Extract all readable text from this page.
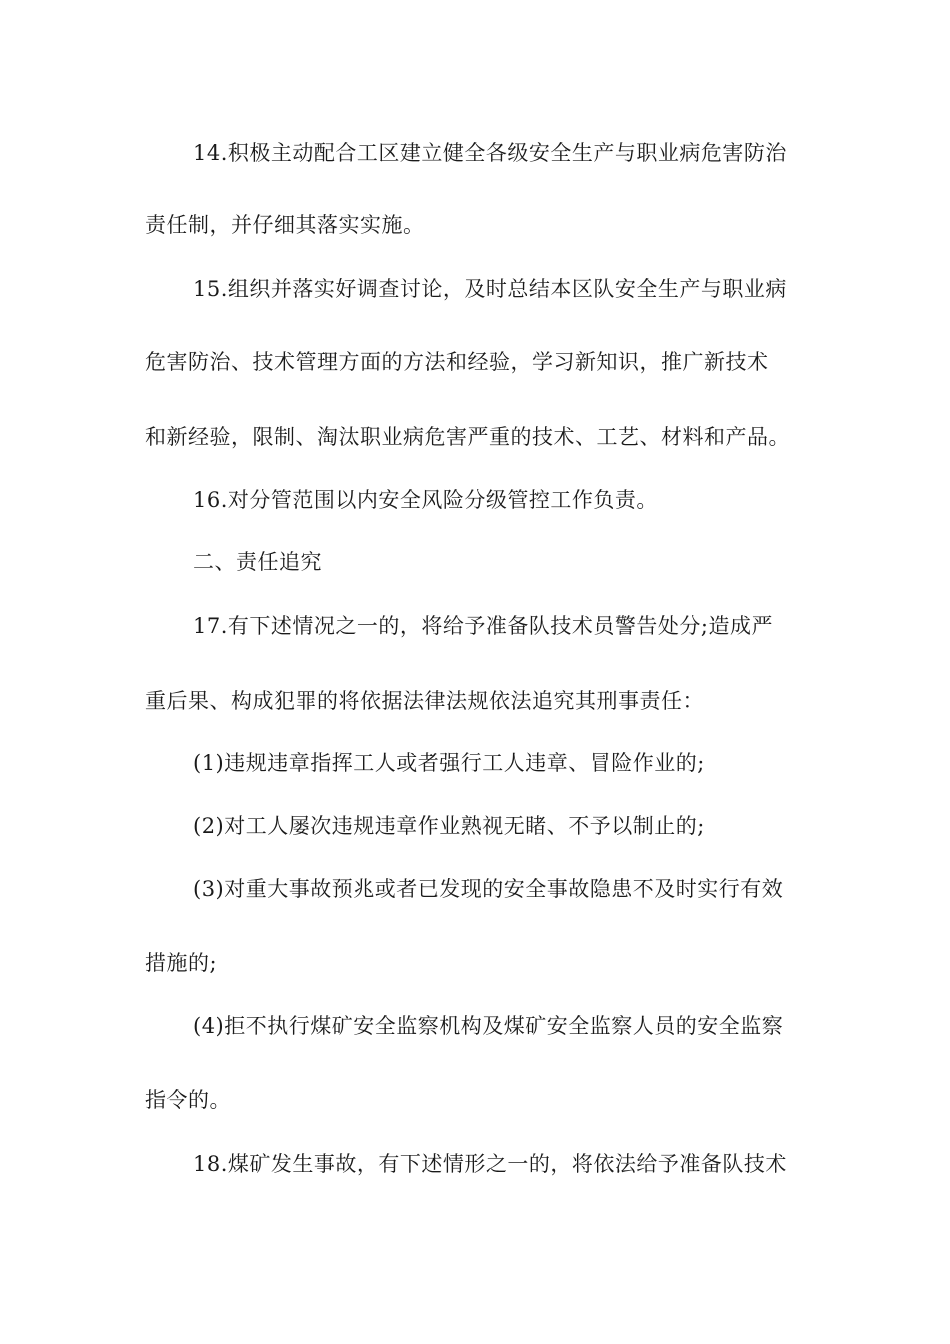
14.积极主动配合工区建立健全各级安全生产与职业病危害防治
责任制，并仔细其落实实施。
15.组织并落实好调查讨论，及时总结本区队安全生产与职业病
危害防治、技术管理方面的方法和经验，学习新知识，推广新技术
和新经验，限制、淘汰职业病危害严重的技术、工艺、材料和产品。
16.对分管范围以内安全风险分级管控工作负责。
二、责任追究
17.有下述情况之一的，将给予准备队技术员警告处分;造成严
重后果、构成犯罪的将依据法律法规依法追究其刑事责任：
(1)违规违章指挥工人或者强行工人违章、冒险作业的;
(2)对工人屡次违规违章作业熟视无睹、不予以制止的;
(3)对重大事故预兆或者已发现的安全事故隐患不及时实行有效
措施的;
(4)拒不执行煤矿安全监察机构及煤矿安全监察人员的安全监察
指令的。
18.煤矿发生事故，有下述情形之一的，将依法给予准备队技术
